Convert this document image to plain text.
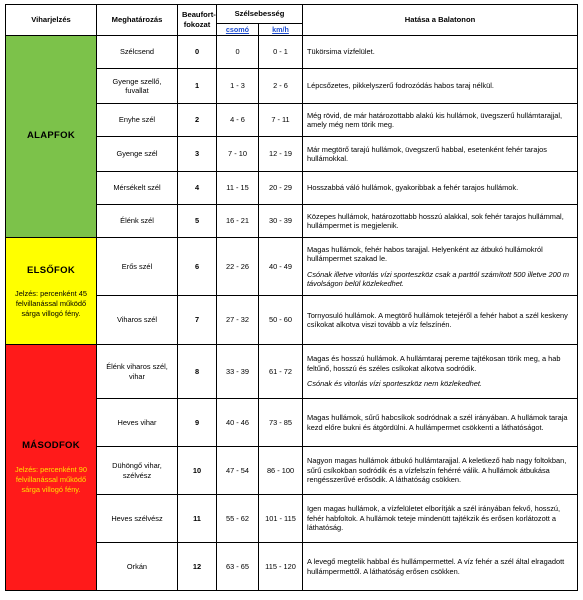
Viharjelzés	Meghatározás	Beaufort-fokozat	Szélsebesség		Hatása a Balatonon
			csomó	km/h	

ALAPFOK	Szélcsend	0	0	0 - 1	Tükörsima vízfelület.
	Gyenge szellő, fuvallat	1	1 - 3	2 - 6	Lépcsőzetes, pikkelyszerű fodrozódás habos taraj nélkül.
	Enyhe szél	2	4 - 6	7 - 11	Még rövid, de már határozottabb alakú kis hullámok, üvegszerű hullámtarajjal, amely még nem törik meg.
	Gyenge szél	3	7 - 10	12 - 19	Már megtörő tarajú hullámok, üvegszerű habbal, esetenként fehér tarajos hullámokkal.
	Mérsékelt szél	4	11 - 15	20 - 29	Hosszabbá váló hullámok, gyakoribbak a fehér tarajos hullámok.
	Élénk szél	5	16 - 21	30 - 39	Közepes hullámok, határozottabb hosszú alakkal, sok fehér tarajos hullámmal, hullámpermet is megjelenik.

ELSŐFOK
Jelzés: percenként 45 felvillanással működő sárga villogó fény.	Erős szél	6	22 - 26	40 - 49	Magas hullámok, fehér habos tarajjal. Helyenként az átbukó hullámokról hullámpermet szakad le.
Csónak illetve vitorlás vízi sporteszköz csak a parttól számított 500 illetve 200 m távolságon belül közlekedhet.

	Viharos szél	7	27 - 32	50 - 60	Tornyosuló hullámok. A megtörő hullámok tetejéről a fehér habot a szél keskeny csíkokat alkotva viszi tovább a víz felszínén.

MÁSODFOK
Jelzés: percenként 90 felvillanással működő sárga villogó fény.	Élénk viharos szél, vihar	8	33 - 39	61 - 72	Magas és hosszú hullámok. A hullámtaraj pereme tajtékosan törik meg, a hab feltűnő, hosszú és széles csíkokat alkotva sodródik.
Csónak és vitorlás vízi sporteszköz nem közlekedhet.

	Heves vihar	9	40 - 46	73 - 85	Magas hullámok, sűrű habcsíkok sodródnak a szél irányában. A hullámok taraja kezd előre bukni és átgördülni. A hullámpermet csökkenti a láthatóságot.
	Dühöngő vihar, szélvész	10	47 - 54	86 - 100	Nagyon magas hullámok átbukó hullámtarajjal. A keletkező hab nagy foltokban, sűrű csíkokban sodródik és a vízfelszín fehérré válik. A hullámok átbukása rengésszerűvé erősödik. A láthatóság csökken.
	Heves szélvész	11	55 - 62	101 - 115	Igen magas hullámok, a vízfelületet elborítják a szél irányában fekvő, hosszú, fehér habfoltok. A hullámok teteje mindenütt tajtékzik és erősen korlátozott a láthatóság.
	Orkán	12	63 - 65	115 - 120	A levegő megtelik habbal és hullámpermettel. A víz fehér a szél által elragadott hullámpermettől. A láthatóság erősen csökken.
